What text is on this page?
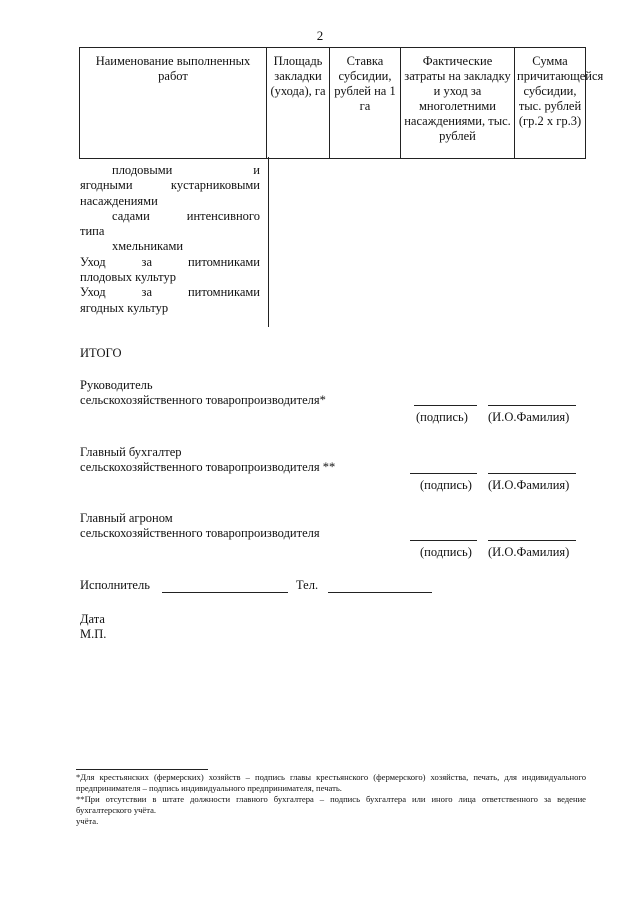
2
Наименование выполненных работ	Площадь закладки (ухода), га	Ставка субсидии, рублей на 1 га	Фактические затраты на закладку и уход за многолетними насаждениями, тыс. рублей	Сумма причитающейся субсидии, тыс. рублей (гр.2 х гр.3)
плодовыми и
ягодными кустарниковыми
насаждениями
садами интенсивного
типа
хмельниками
Уход за питомниками
плодовых культур
Уход за питомниками
ягодных культур
ИТОГО
Руководитель
сельскохозяйственного товаропроизводителя*
(подпись) (И.О.Фамилия)
Главный бухгалтер
сельскохозяйственного товаропроизводителя **
(подпись) (И.О.Фамилия)
Главный агроном
сельскохозяйственного товаропроизводителя
(подпись) (И.О.Фамилия)
Исполнитель	Тел.
Дата
М.П.
*Для крестьянских (фермерских) хозяйств – подпись главы крестьянского (фермерского) хозяйства, печать, для индивидуального предпринимателя – подпись индивидуального предпринимателя, печать.
**При отсутствии в штате должности главного бухгалтера – подпись бухгалтера или иного лица ответственного за ведение бухгалтерского учёта.
учёта.
